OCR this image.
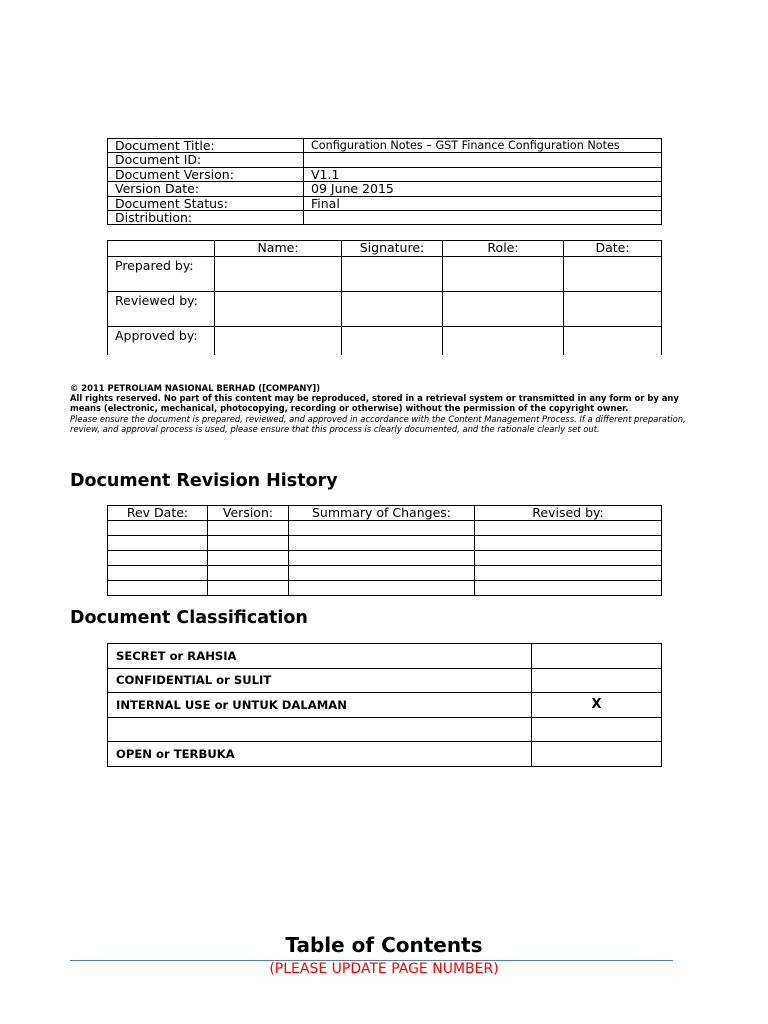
Document Title:	Configuration Notes – GST Finance Configuration Notes
Document ID:	
Document Version:	V1.1
Version Date:	09 June 2015
Document Status:	Final
Distribution:	
	Name:	Signature:	Role:	Date:
Prepared by:				
Reviewed by:				
Approved by:				
© 2011 PETROLIAM NASIONAL BERHAD ([COMPANY])
All rights reserved. No part of this content may be reproduced, stored in a retrieval system or transmitted in any form or by any means (electronic, mechanical, photocopying, recording or otherwise) without the permission of the copyright owner.
Please ensure the document is prepared, reviewed, and approved in accordance with the Content Management Process. If a different preparation, review, and approval process is used, please ensure that this process is clearly documented, and the rationale clearly set out.
Document Revision History
Rev Date:	Version:	Summary of Changes:	Revised by:

Document Classification
SECRET or RAHSIA	
CONFIDENTIAL or SULIT	
INTERNAL USE or UNTUK DALAMAN	X

OPEN or TERBUKA	
Table of Contents
(PLEASE UPDATE PAGE NUMBER)
